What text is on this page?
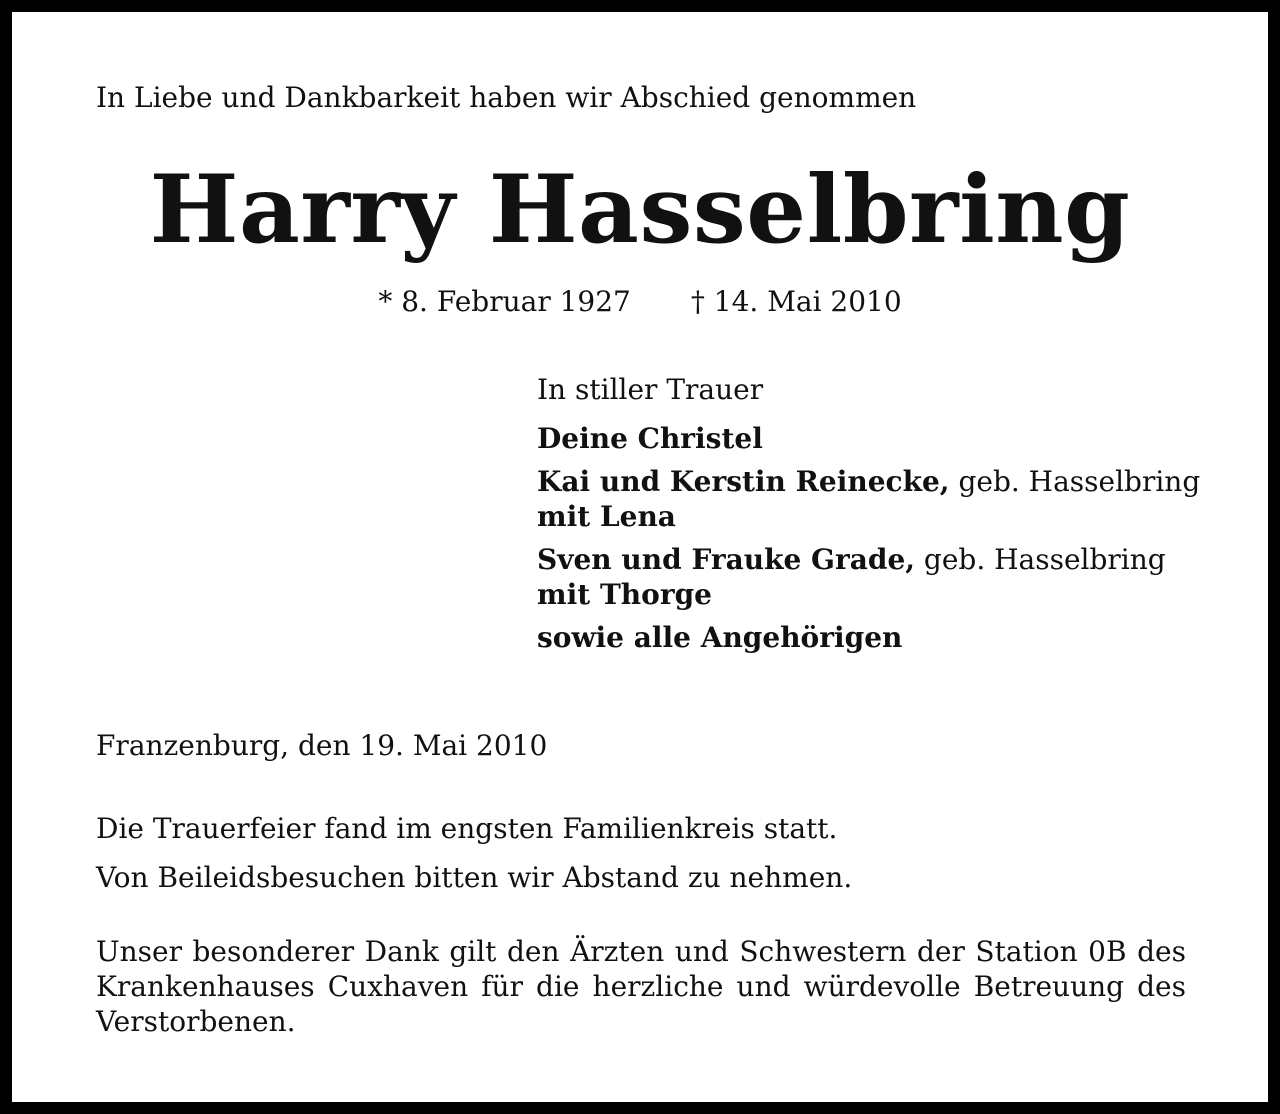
In Liebe und Dankbarkeit haben wir Abschied genommen
Harry Hasselbring
* 8. Februar 1927 † 14. Mai 2010
In stiller Trauer
Deine Christel
Kai und Kerstin Reinecke, geb. Hasselbring
mit Lena
Sven und Frauke Grade, geb. Hasselbring
mit Thorge
sowie alle Angehörigen
Franzenburg, den 19. Mai 2010
Die Trauerfeier fand im engsten Familienkreis statt.
Von Beileidsbesuchen bitten wir Abstand zu nehmen.
Unser besonderer Dank gilt den Ärzten und Schwestern der Station 0B des Krankenhauses Cuxhaven für die herzliche und würdevolle Betreuung des Verstorbenen.
